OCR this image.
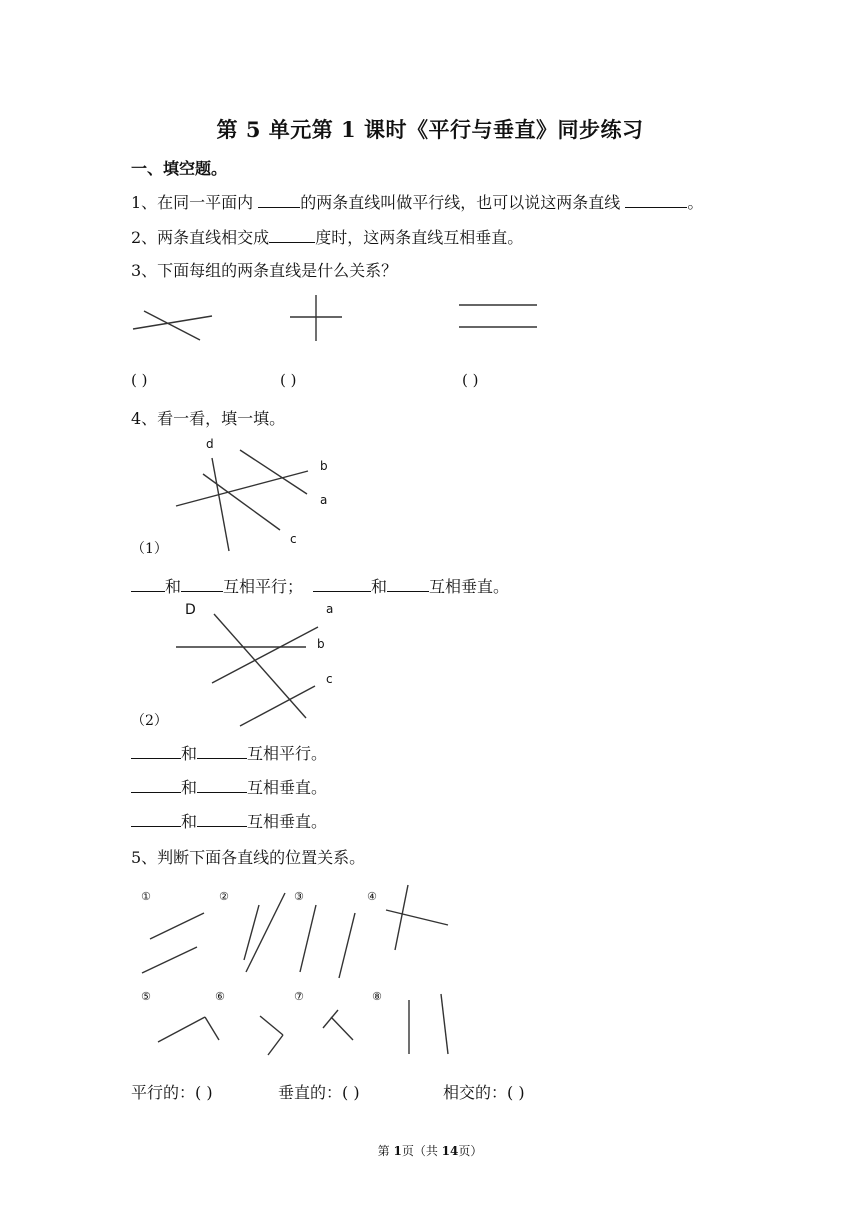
第 5 单元第 1 课时《平行与垂直》同步练习
一、填空题。
1、在同一平面内	的两条直线叫做平行线，也可以说这两条直线	。
2、两条直线相交成	度时，这两条直线互相垂直。
3、下面每组的两条直线是什么关系？
( )	( )	( )
4、看一看，填一填。
d
b
a
c
（1）
和	互相平行；	和	互相垂直。
D	a
b
c
（2）
和	互相平行。
和	互相垂直。
和	互相垂直。
5、判断下面各直线的位置关系。
①	②	③	④
⑤	⑥	⑦	⑧
平行的：( )	垂直的：( )	相交的：( )
第 1页（共 14页）
